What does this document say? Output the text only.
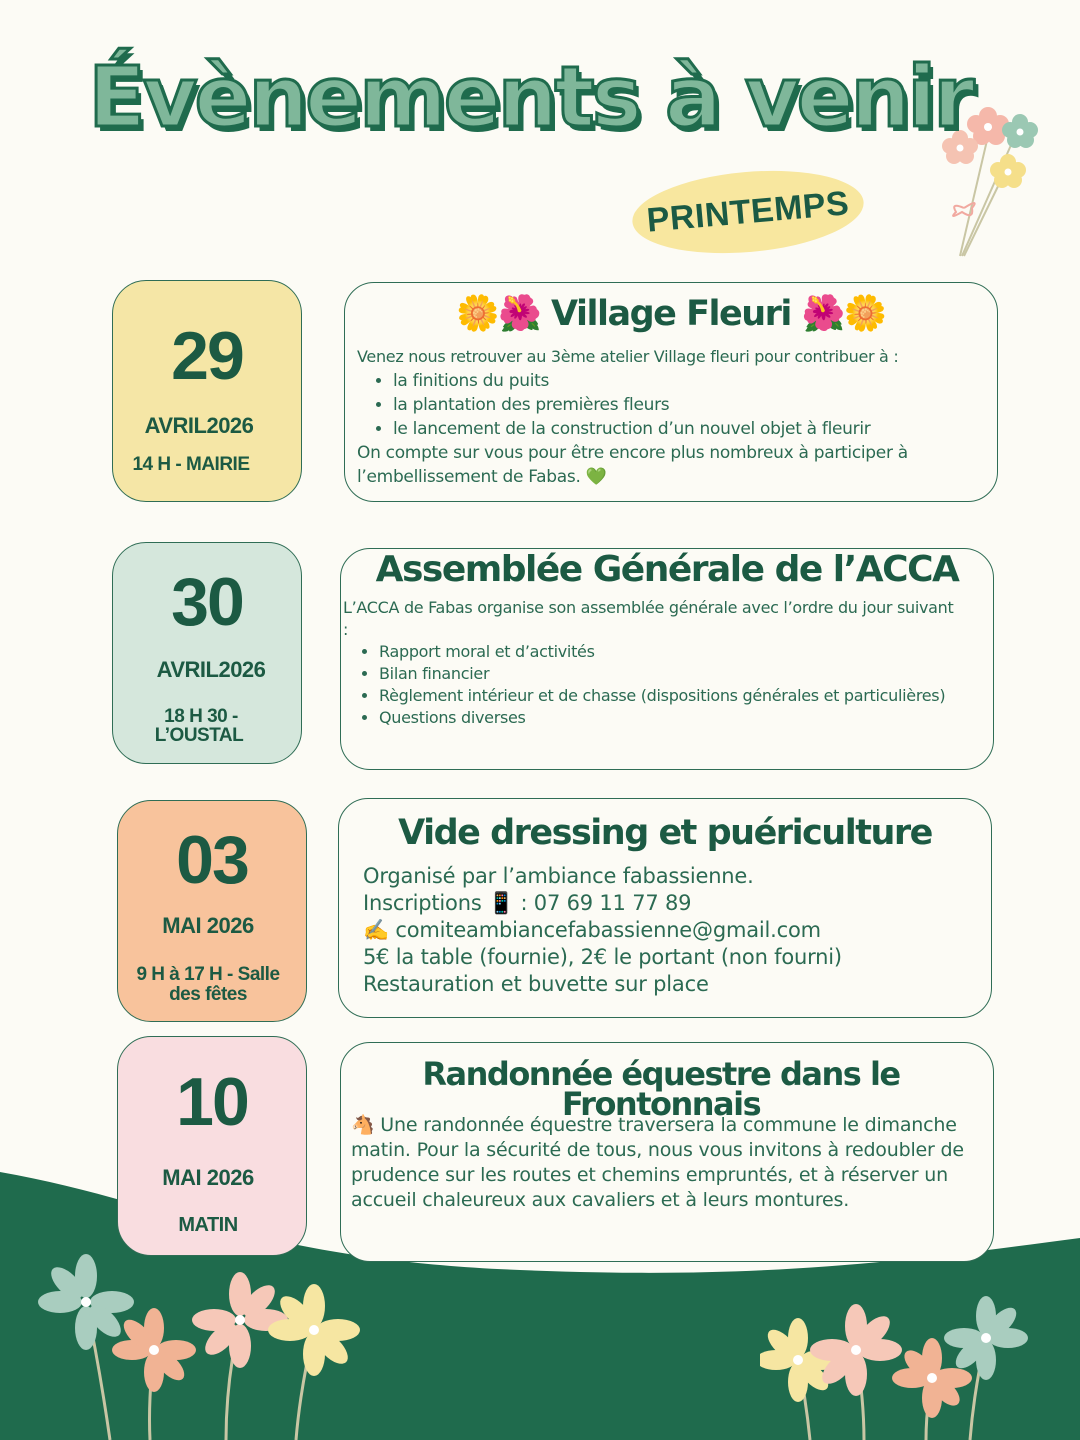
Évènements à venir
PRINTEMPS
29
AVRIL2026
14 H - MAIRIE
🌼🌺 Village Fleuri 🌺🌼

Venez nous retrouver au 3ème atelier Village fleuri pour contribuer à :

• la finitions du puits
• la plantation des premières fleurs
• le lancement de la construction d’un nouvel objet à fleurir

On compte sur vous pour être encore plus nombreux à participer à l’embellissement de Fabas. 💚

30
AVRIL2026
18 H 30 -
L’OUSTAL
Assemblée Générale de l’ACCA

L’ACCA de Fabas organise son assemblée générale avec l’ordre du jour suivant :

• Rapport moral et d’activités
• Bilan financier
• Règlement intérieur et de chasse (dispositions générales et particulières)
• Questions diverses
03
MAI 2026
9 H à 17 H - Salle
des fêtes
Vide dressing et puériculture

Organisé par l’ambiance fabassienne.

Inscriptions 📱 : 07 69 11 77 89

✍️ comiteambiancefabassienne@gmail.com

5€ la table (fournie), 2€ le portant (non fourni)

Restauration et buvette sur place

10
MAI 2026
MATIN
Randonnée équestre dans le Frontonnais

🐴 Une randonnée équestre traversera la commune le dimanche matin. Pour la sécurité de tous, nous vous invitons à redoubler de prudence sur les routes et chemins empruntés, et à réserver un accueil chaleureux aux cavaliers et à leurs montures.
